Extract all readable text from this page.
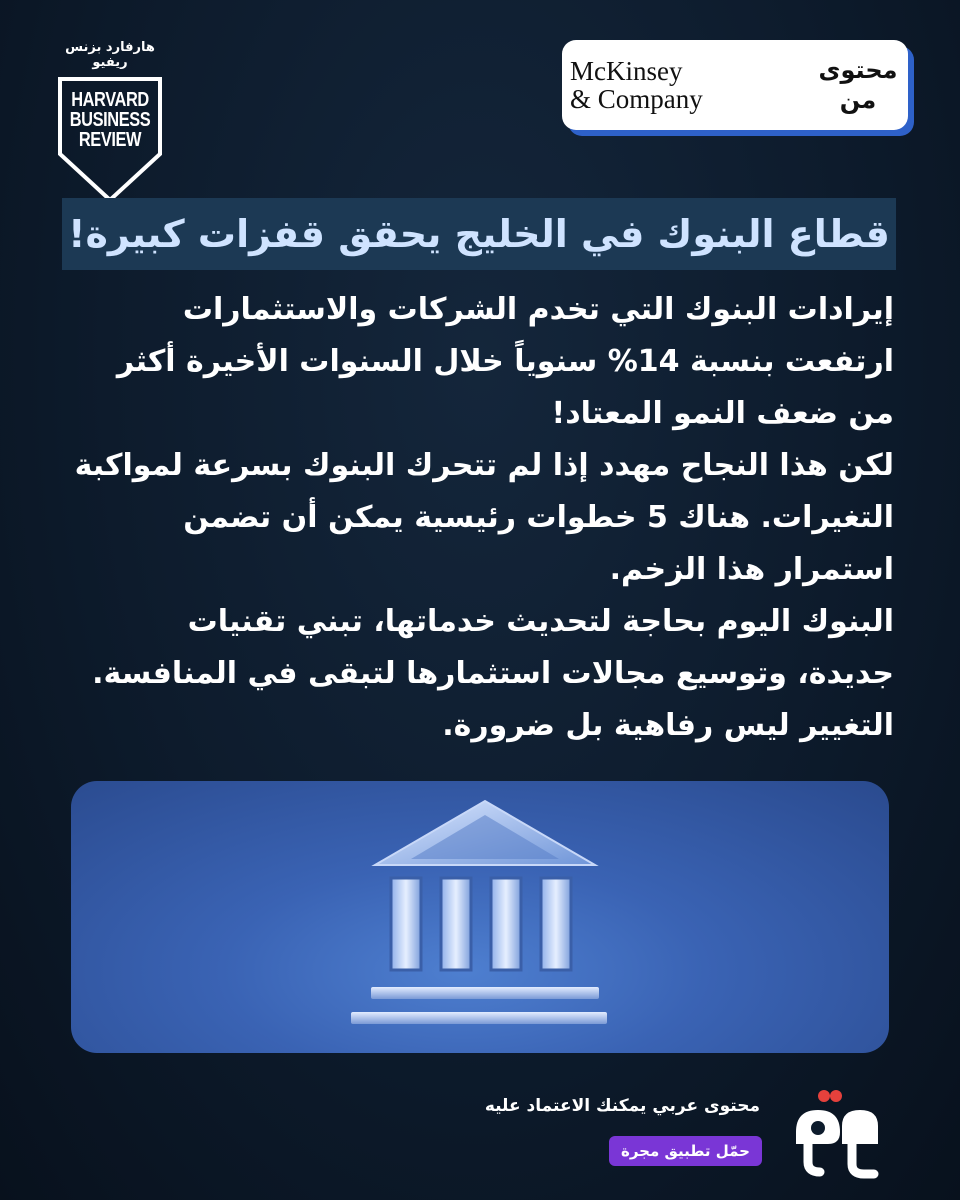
هارفارد بزنس ريفيو
HARVARD
BUSINESS
REVIEW
محتوى
من
McKinsey
& Company
قطاع البنوك في الخليج يحقق قفزات كبيرة!

إيرادات البنوك التي تخدم الشركات والاستثمارات

ارتفعت بنسبة 14% سنوياً خلال السنوات الأخيرة أكثر

من ضعف النمو المعتاد!

لكن هذا النجاح مهدد إذا لم تتحرك البنوك بسرعة لمواكبة

التغيرات. هناك 5 خطوات رئيسية يمكن أن تضمن

استمرار هذا الزخم.

البنوك اليوم بحاجة لتحديث خدماتها، تبني تقنيات

جديدة، وتوسيع مجالات استثمارها لتبقى في المنافسة.

التغيير ليس رفاهية بل ضرورة.

محتوى عربي يمكنك الاعتماد عليه
حمّل تطبيق مجرة
